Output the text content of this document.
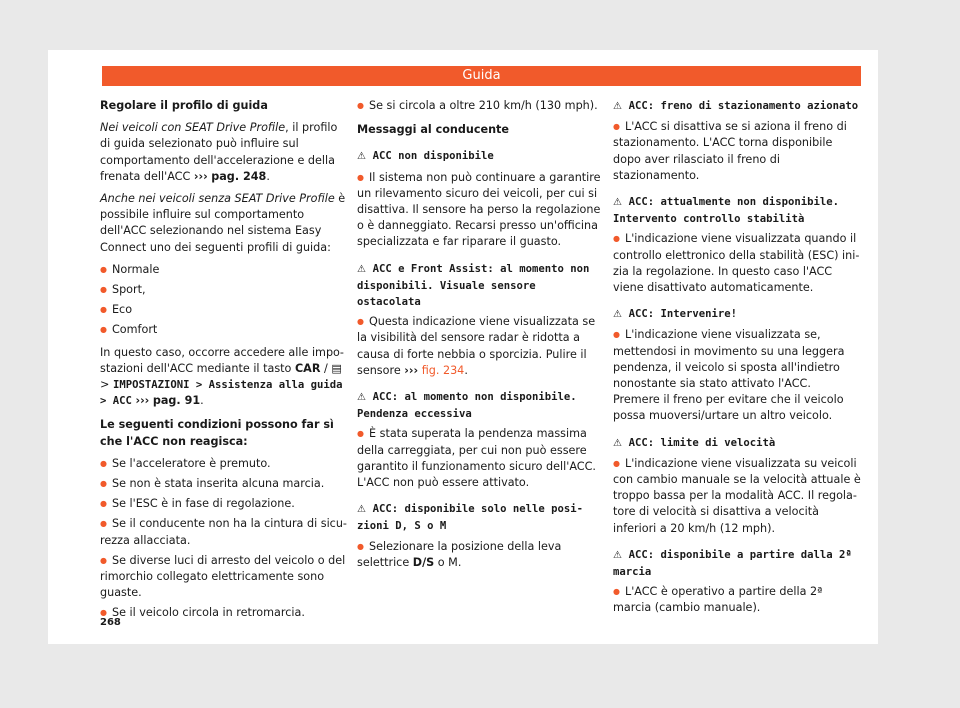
Guida

Regolare il profilo di guida

Nei veicoli con SEAT Drive Profile, il profilo di guida selezionato può influire sul comportamento dell'accelerazione e della frenata dell'ACC ››› pag. 248.

Anche nei veicoli senza SEAT Drive Profile è possibile influire sul comportamento dell'ACC selezionando nel sistema Easy Connect uno dei seguenti profili di guida:

● Normale
● Sport,
● Eco
● Comfort

In questo caso, occorre accedere alle impostazioni dell'ACC mediante il tasto CAR / ▤ > IMPOSTAZIONI > Assistenza alla guida > ACC ››› pag. 91.

Le seguenti condizioni possono far sì che l'ACC non reagisca:

● Se l'acceleratore è premuto.
● Se non è stata inserita alcuna marcia.
● Se l'ESC è in fase di regolazione.
● Se il conducente non ha la cintura di sicurezza allacciata.
● Se diverse luci di arresto del veicolo o del rimorchio collegato elettricamente sono guaste.
● Se il veicolo circola in retromarcia.
● Se si circola a oltre 210 km/h (130 mph).

Messaggi al conducente

⚠ ACC non disponibile
● Il sistema non può continuare a garantire un rilevamento sicuro dei veicoli, per cui si disattiva. Il sensore ha perso la regolazione o è danneggiato. Recarsi presso un'officina specializzata e far riparare il guasto.
⚠ ACC e Front Assist: al momento non disponibili. Visuale sensore ostacolata
● Questa indicazione viene visualizzata se la visibilità del sensore radar è ridotta a causa di forte nebbia o sporcizia. Pulire il sensore ››› fig. 234.
⚠ ACC: al momento non disponibile. Pendenza eccessiva
● È stata superata la pendenza massima della carreggiata, per cui non può essere garantito il funzionamento sicuro dell'ACC. L'ACC non può essere attivato.
⚠ ACC: disponibile solo nelle posizioni D, S o M
● Selezionare la posizione della leva selettrice D/S o M.
⚠ ACC: freno di stazionamento azionato
● L'ACC si disattiva se si aziona il freno di stazionamento. L'ACC torna disponibile dopo aver rilasciato il freno di stazionamento.
⚠ ACC: attualmente non disponibile. Intervento controllo stabilità
● L'indicazione viene visualizzata quando il controllo elettronico della stabilità (ESC) inizia la regolazione. In questo caso l'ACC viene disattivato automaticamente.
⚠ ACC: Intervenire!
● L'indicazione viene visualizzata se, mettendosi in movimento su una leggera pendenza, il veicolo si sposta all'indietro nonostante sia stato attivato l'ACC. Premere il freno per evitare che il veicolo possa muoversi/urtare un altro veicolo.
⚠ ACC: limite di velocità
● L'indicazione viene visualizzata su veicoli con cambio manuale se la velocità attuale è troppo bassa per la modalità ACC. Il regolatore di velocità si disattiva a velocità inferiori a 20 km/h (12 mph).
⚠ ACC: disponibile a partire dalla 2ª marcia
● L'ACC è operativo a partire della 2ª marcia (cambio manuale).
268
